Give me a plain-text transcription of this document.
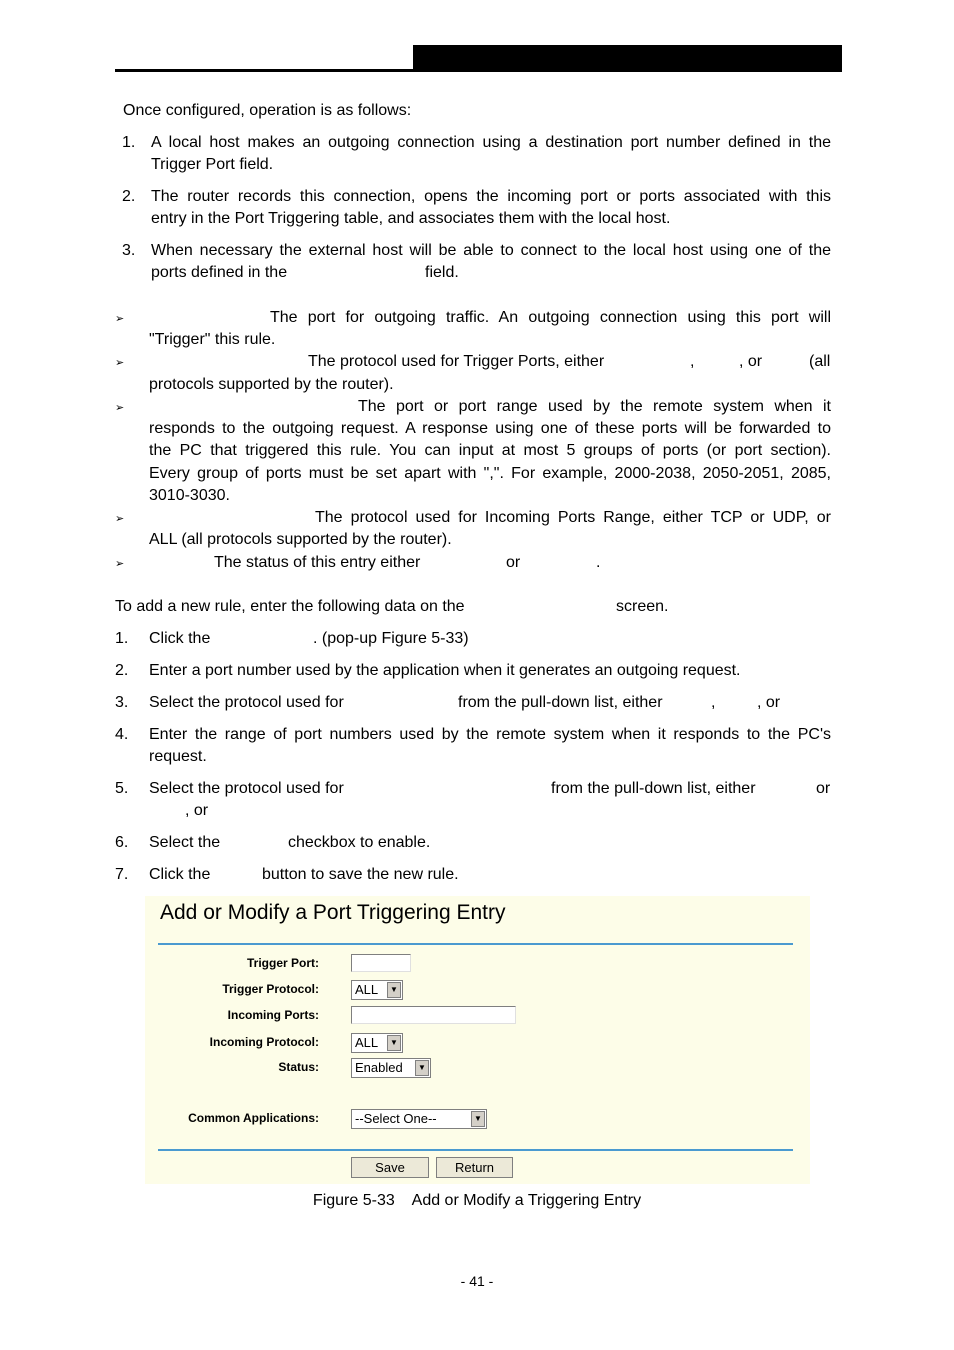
Once configured, operation is as follows:
1. A local host makes an outgoing connection using a destination port number defined in the
Trigger Port field.
2. The router records this connection, opens the incoming port or ports associated with this
entry in the Port Triggering table, and associates them with the local host.
3. When necessary the external host will be able to connect to the local host using one of the
ports defined in the	field.
➢	The port for outgoing traffic. An outgoing connection using this port will
"Trigger" this rule.
➢	The protocol used for Trigger Ports, either	,	, or	(all
protocols supported by the router).
➢	The port or port range used by the remote system when it
responds to the outgoing request. A response using one of these ports will be forwarded to
the PC that triggered this rule. You can input at most 5 groups of ports (or port section).
Every group of ports must be set apart with ",". For example, 2000-2038, 2050-2051, 2085,
3010-3030.
➢	The protocol used for Incoming Ports Range, either TCP or UDP, or
ALL (all protocols supported by the router).
➢	The status of this entry either	or	.
To add a new rule, enter the following data on the	screen.
1. Click the	. (pop-up Figure 5-33)
2. Enter a port number used by the application when it generates an outgoing request.
3. Select the protocol used for	from the pull-down list, either	,	, or
4. Enter the range of port numbers used by the remote system when it responds to the PC's
request.
5. Select the protocol used for	from the pull-down list, either	or
, or
6. Select the	checkbox to enable.
7. Click the	button to save the new rule.
Add or Modify a Port Triggering Entry
Trigger Port:
Trigger Protocol:	ALL	▼
Incoming Ports:
Incoming Protocol:	ALL	▼
Status:	Enabled	▼
Common Applications:	--Select One--	▼
Save	Return
Figure 5-33    Add or Modify a Triggering Entry
- 41 -
